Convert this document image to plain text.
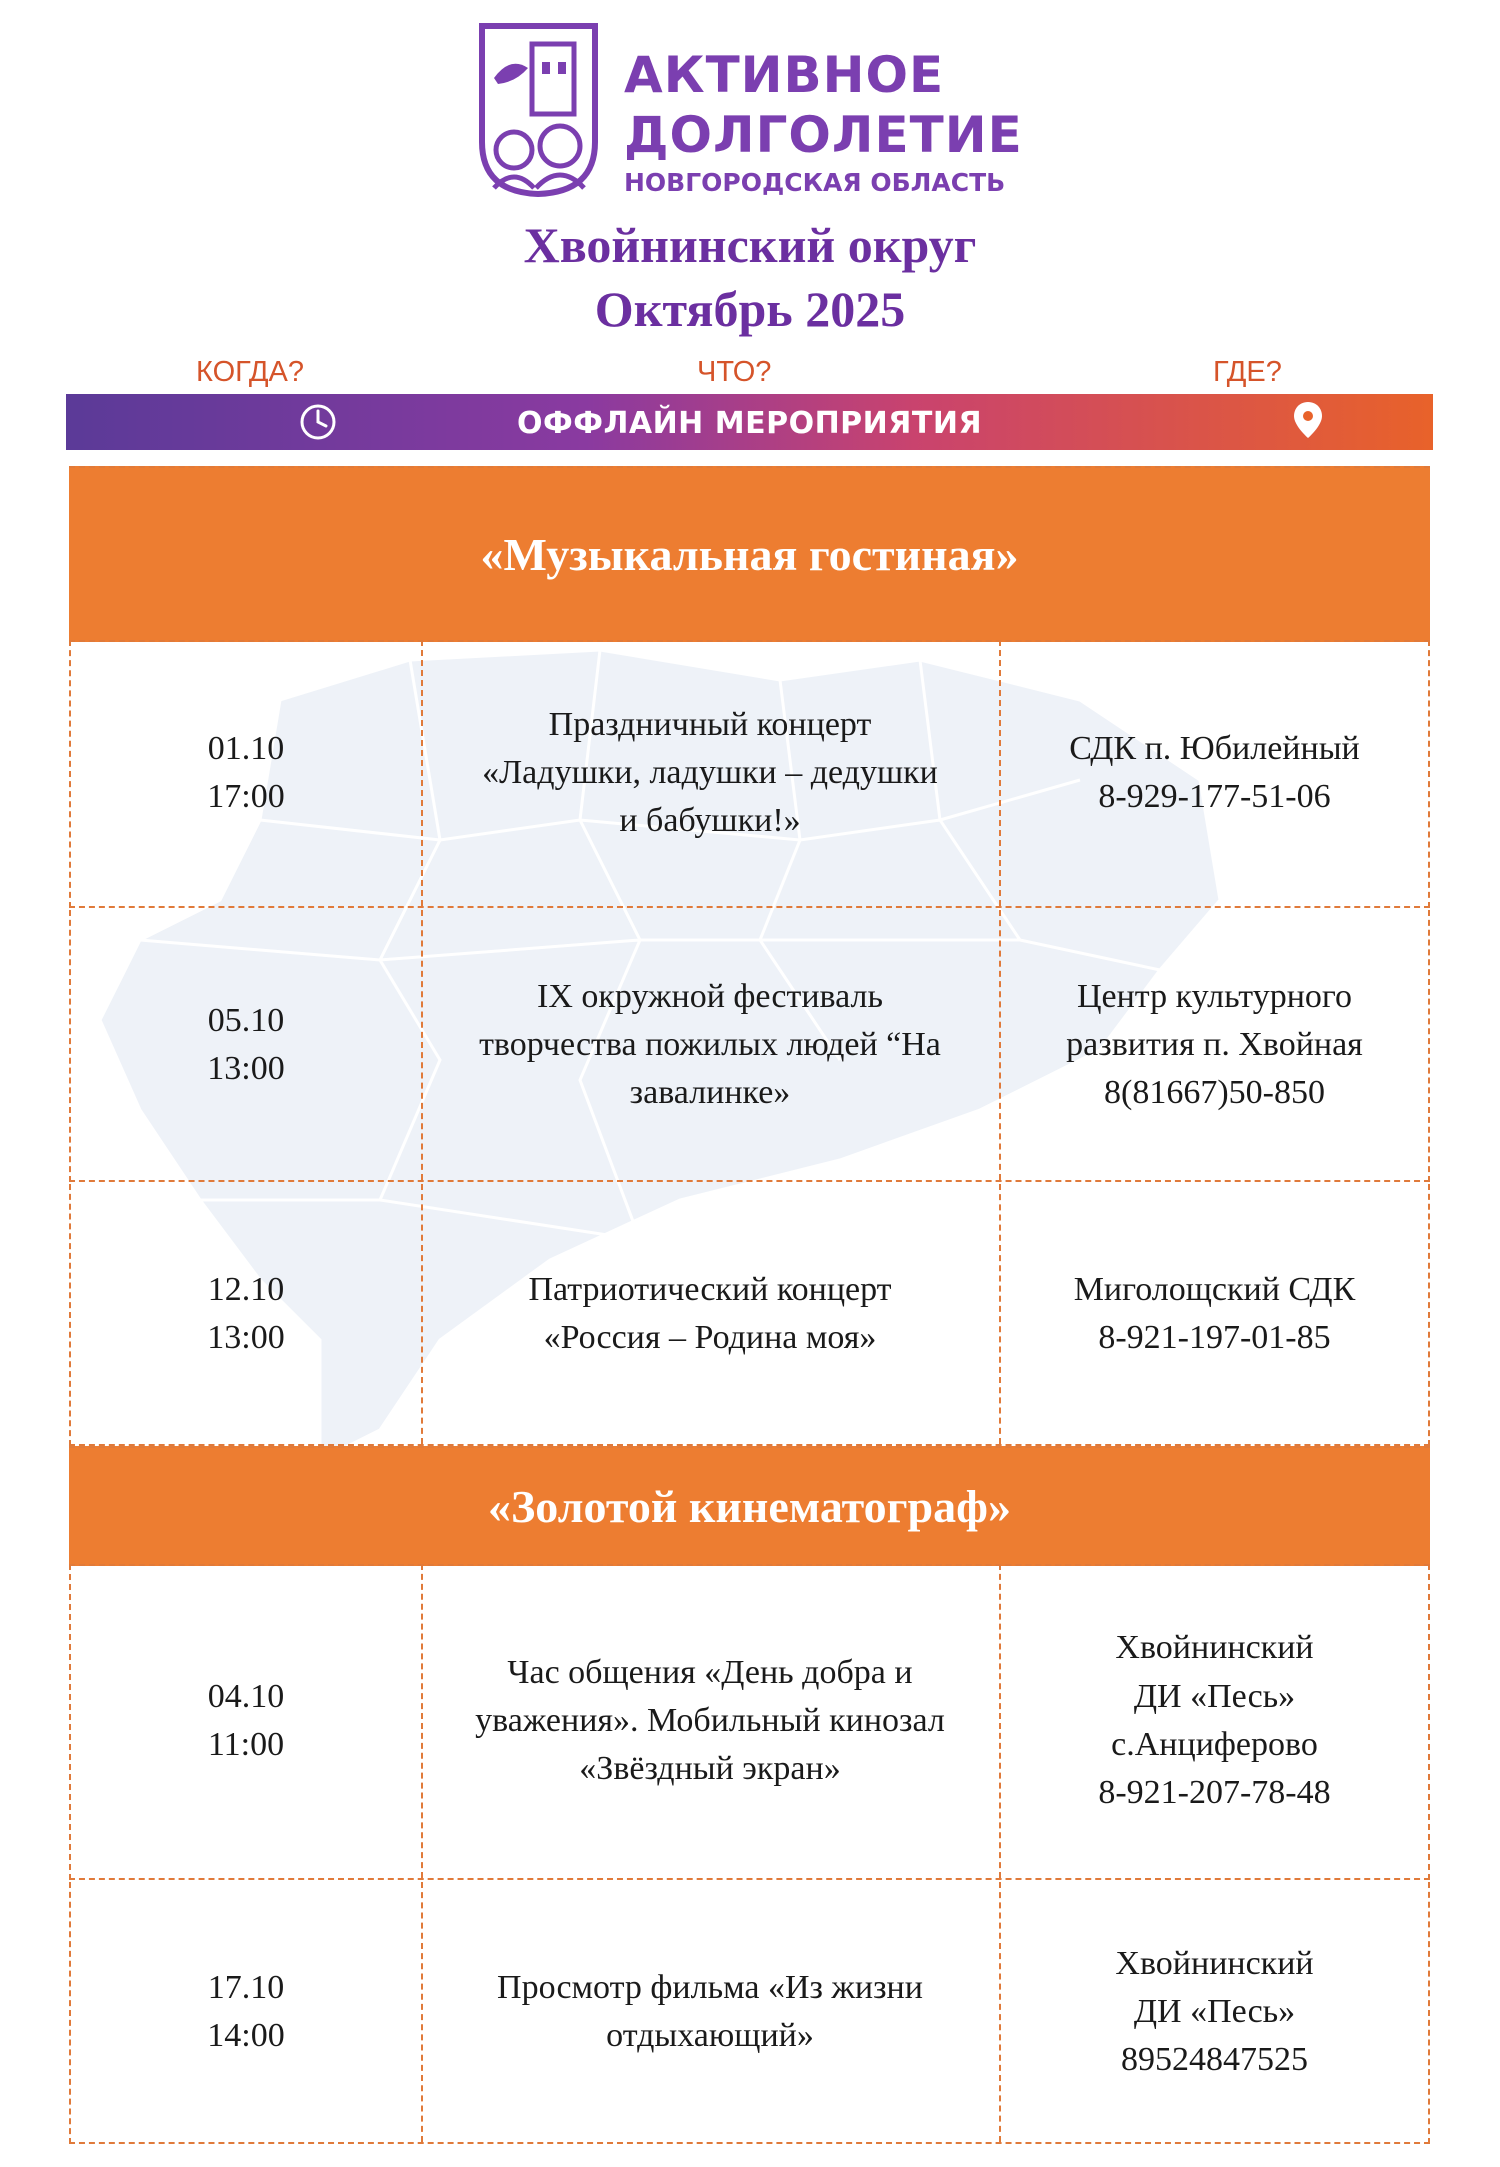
АКТИВНОЕ
ДОЛГОЛЕТИЕ
НОВГОРОДСКАЯ ОБЛАСТЬ
Хвойнинский округ
Октябрь 2025
КОГДА?	ЧТО?	ГДЕ?
ОФФЛАЙН МЕРОПРИЯТИЯ
«Музыкальная гостиная»
01.10
17:00
Праздничный концерт
«Ладушки, ладушки – дедушки
и бабушки!»
СДК п. Юбилейный
8-929-177-51-06
05.10
13:00
IX окружной фестиваль
творчества пожилых людей “На
завалинке»
Центр культурного
развития п. Хвойная
8(81667)50-850
12.10
13:00
Патриотический концерт
«Россия – Родина моя»
Миголощский СДК
8-921-197-01-85
«Золотой кинематограф»
04.10
11:00
Час общения «День добра и
уважения». Мобильный кинозал
«Звёздный экран»
Хвойнинский
ДИ «Песь»
с.Анциферово
8-921-207-78-48
17.10
14:00
Просмотр фильма «Из жизни
отдыхающий»
Хвойнинский
ДИ «Песь»
89524847525
